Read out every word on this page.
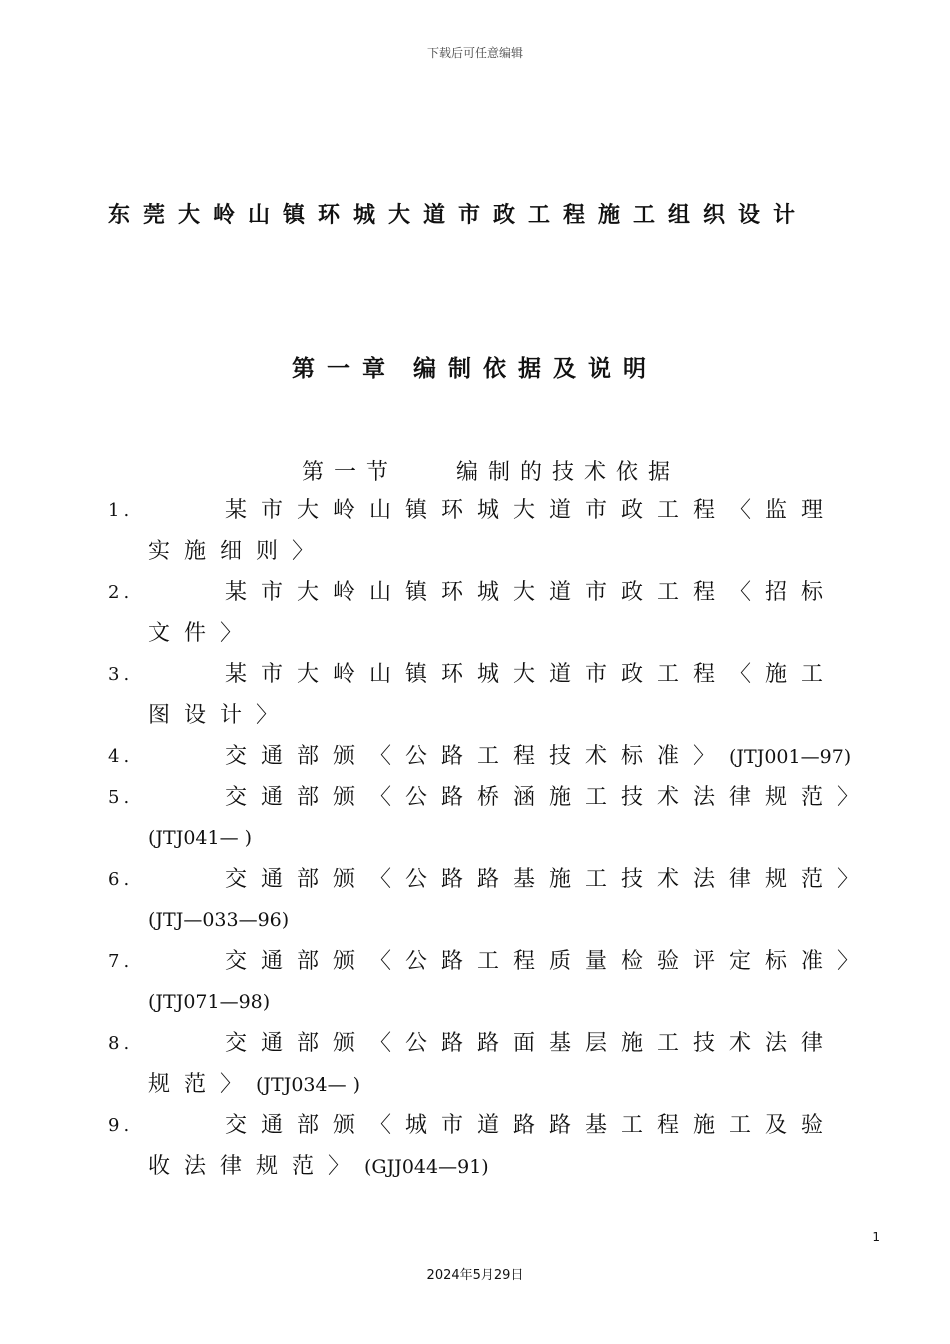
下载后可任意编辑
东莞大岭山镇环城大道市政工程施工组织设计
第一章 编制依据及说明
第一节	编制的技术依据
1.	某市大岭山镇环城大道市政工程〈监理
实施细则〉
2.	某市大岭山镇环城大道市政工程〈招标
文件〉
3.	某市大岭山镇环城大道市政工程〈施工
图设计〉
4.	交通部颁〈公路工程技术标准〉(JTJ001—97)
5.	交通部颁〈公路桥涵施工技术法律规范〉
(JTJ041— )
6.	交通部颁〈公路路基施工技术法律规范〉
(JTJ—033—96)
7.	交通部颁〈公路工程质量检验评定标准〉
(JTJ071—98)
8.	交通部颁〈公路路面基层施工技术法律
规范〉(JTJ034— )
9.	交通部颁〈城市道路路基工程施工及验
收法律规范〉(GJJ044—91)
1
2024年5月29日
